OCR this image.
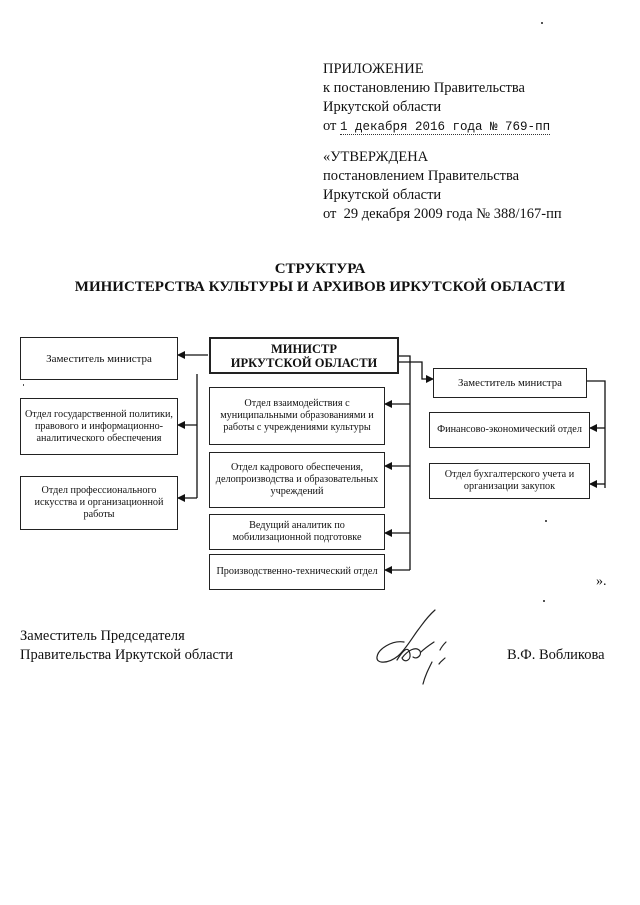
ПРИЛОЖЕНИЕ
к постановлению Правительства
Иркутской области
от 1 декабря 2016 года № 769-пп
«УТВЕРЖДЕНА
постановлением Правительства
Иркутской области
от  29 декабря 2009 года № 388/167-пп
СТРУКТУРА
МИНИСТЕРСТВА КУЛЬТУРЫ И АРХИВОВ ИРКУТСКОЙ ОБЛАСТИ
МИНИСТР
ИРКУТСКОЙ ОБЛАСТИ
Заместитель министра
Отдел государственной политики, правового и информационно-аналитического обеспечения
Отдел профессионального искусства и организационной работы
Отдел взаимодействия с муниципальными образованиями и работы с учреждениями культуры
Отдел кадрового обеспечения, делопроизводства и образовательных учреждений
Ведущий аналитик по мобилизационной подготовке
Производственно-технический отдел
Заместитель министра
Финансово-экономический отдел
Отдел бухгалтерского учета и организации закупок
».
Заместитель Председателя
Правительства Иркутской области	В.Ф. Вобликова
